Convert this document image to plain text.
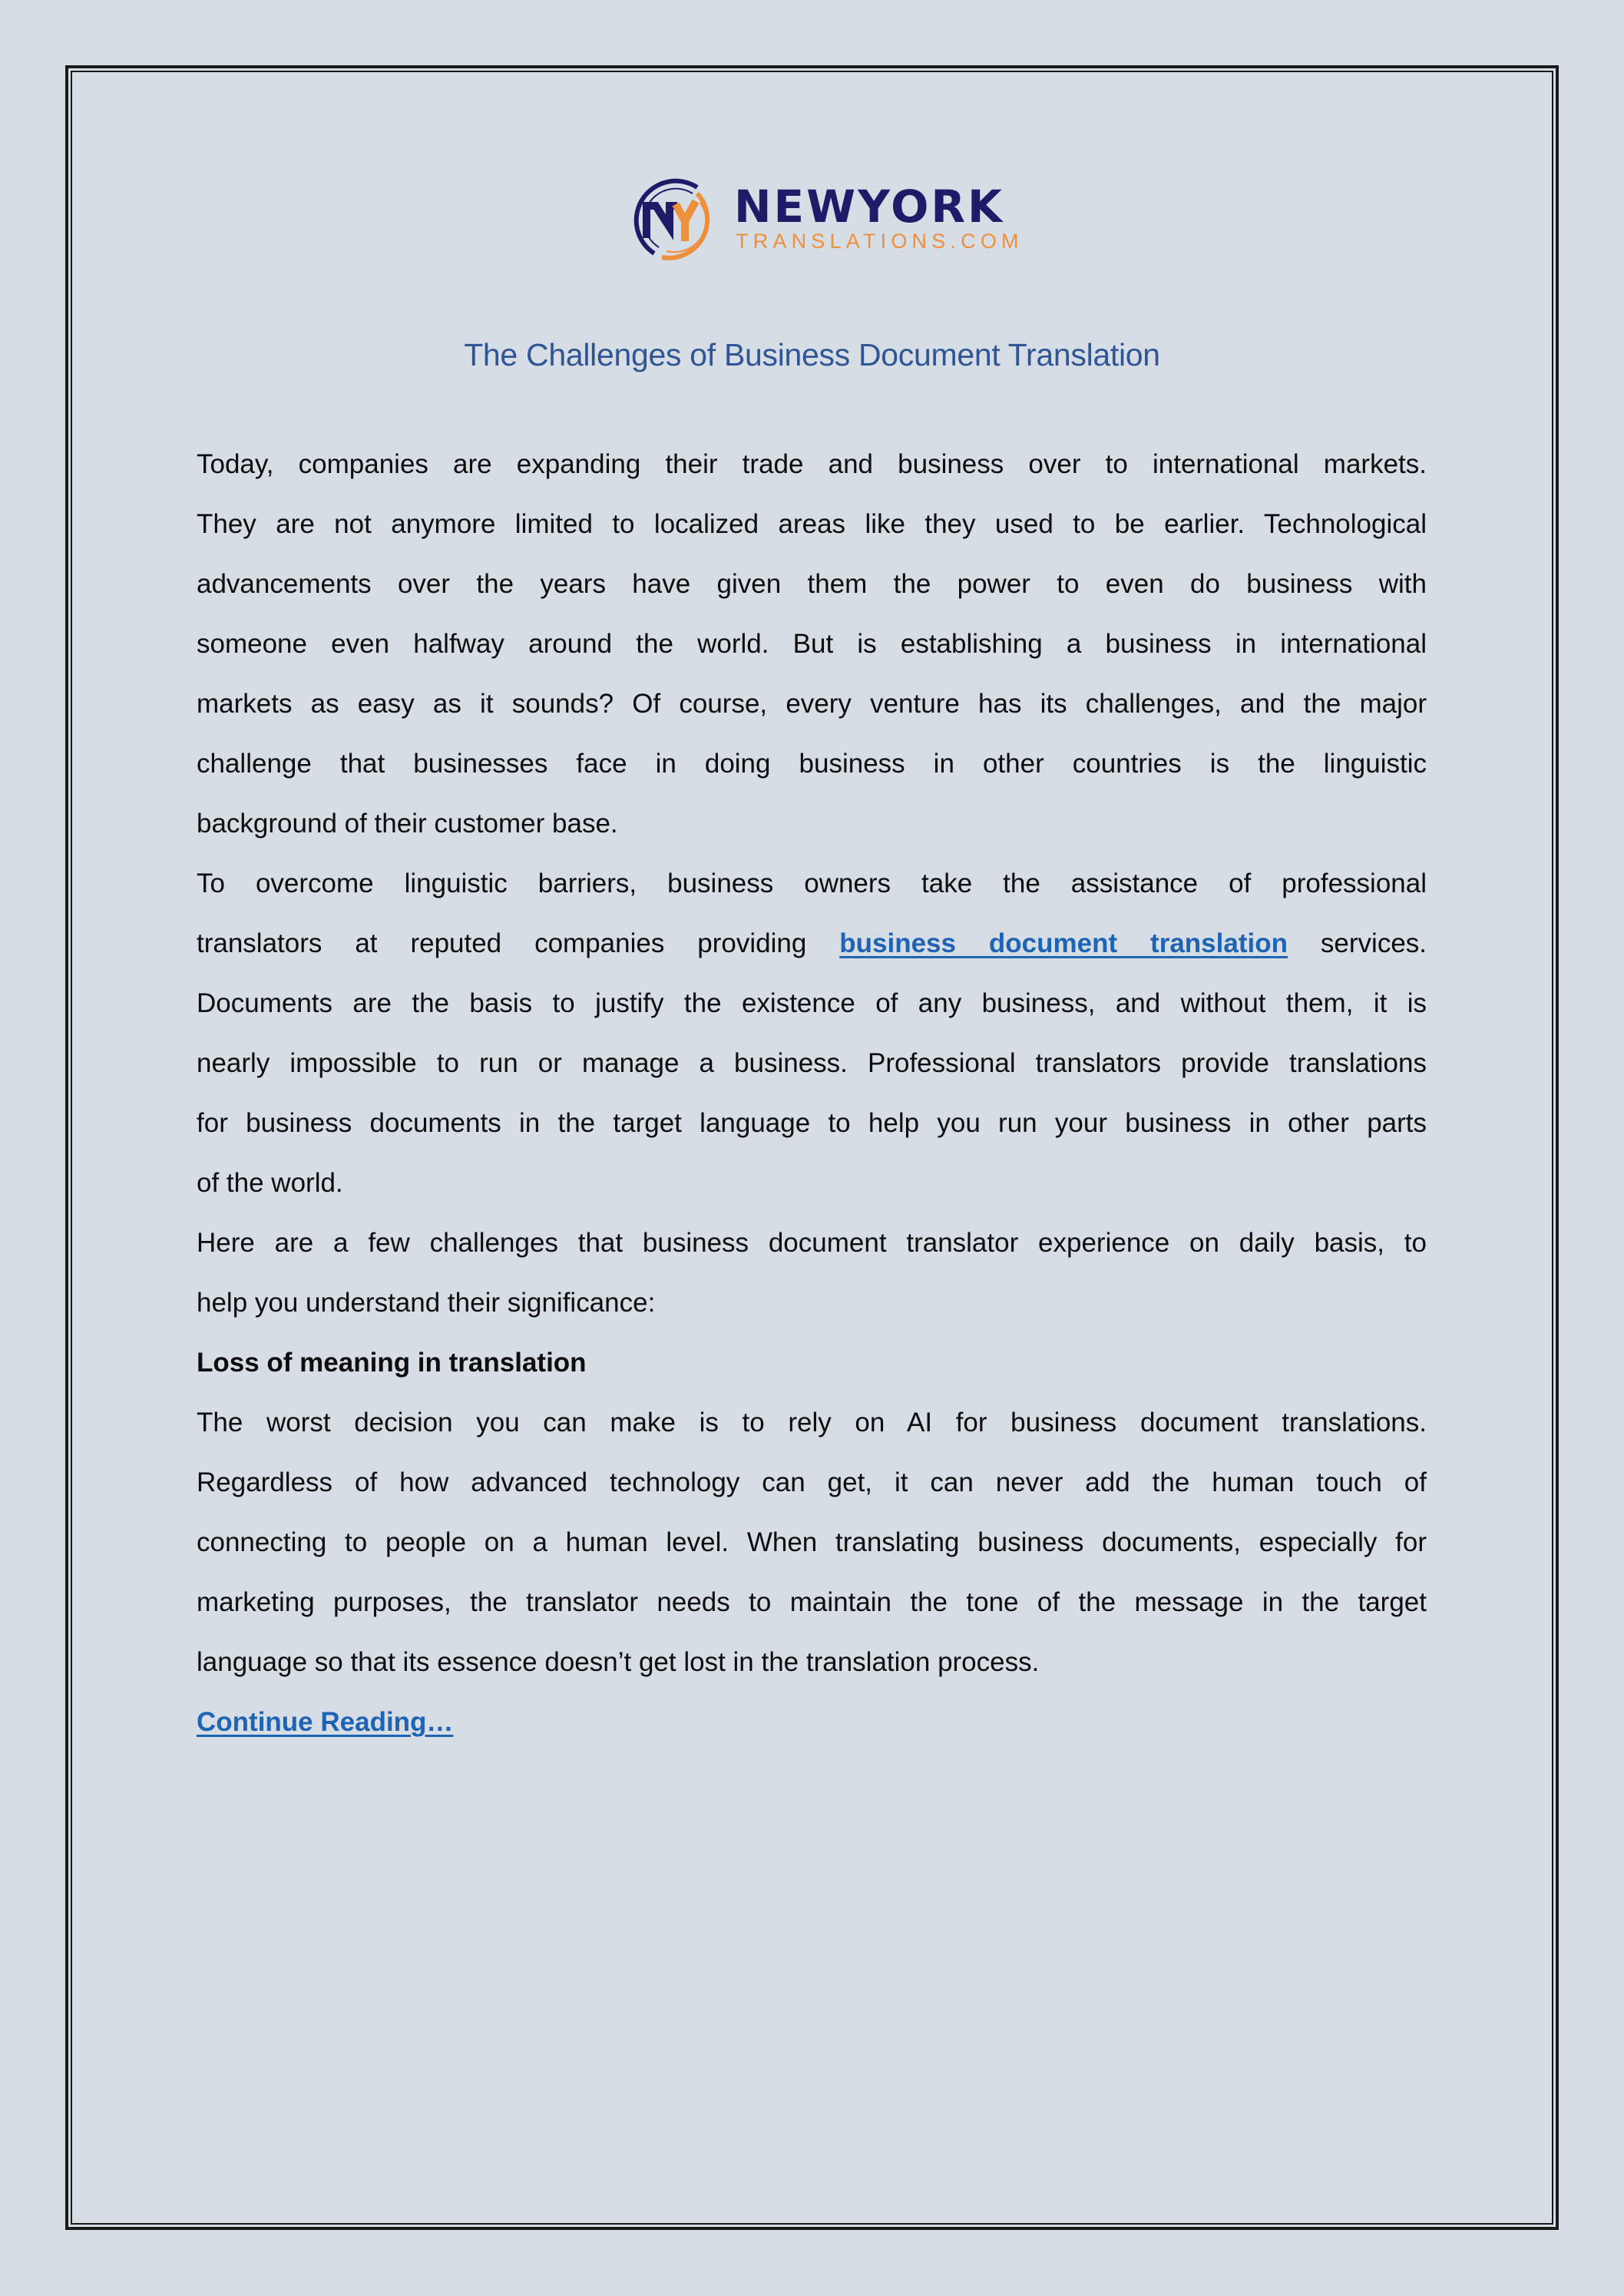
NEWYORK
TRANSLATIONS.COM
The Challenges of Business Document Translation
Today, companies are expanding their trade and business over to international markets.
They are not anymore limited to localized areas like they used to be earlier. Technological
advancements over the years have given them the power to even do business with
someone even halfway around the world. But is establishing a business in international
markets as easy as it sounds? Of course, every venture has its challenges, and the major
challenge that businesses face in doing business in other countries is the linguistic
background of their customer base.
To overcome linguistic barriers, business owners take the assistance of professional
translators at reputed companies providing business document translation services.
Documents are the basis to justify the existence of any business, and without them, it is
nearly impossible to run or manage a business. Professional translators provide translations
for business documents in the target language to help you run your business in other parts
of the world.
Here are a few challenges that business document translator experience on daily basis, to
help you understand their significance:
Loss of meaning in translation
The worst decision you can make is to rely on AI for business document translations.
Regardless of how advanced technology can get, it can never add the human touch of
connecting to people on a human level. When translating business documents, especially for
marketing purposes, the translator needs to maintain the tone of the message in the target
language so that its essence doesn’t get lost in the translation process.
Continue Reading…
